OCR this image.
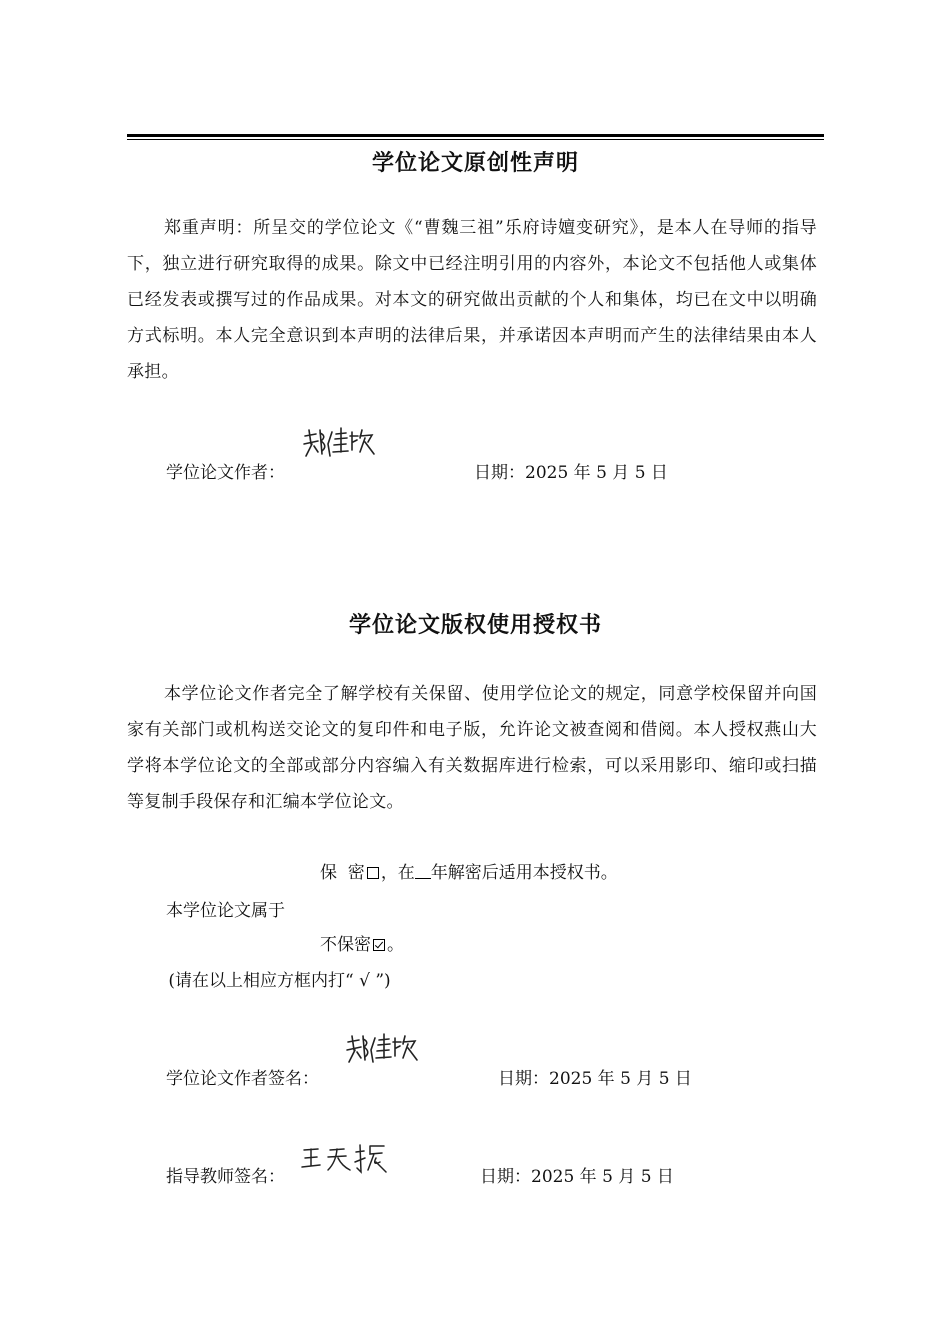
学位论文原创性声明

郑重声明：所呈交的学位论文《“曹魏三祖”乐府诗嬗变研究》，是本人在导师的指导下，独立进行研究取得的成果。除文中已经注明引用的内容外，本论文不包括他人或集体已经发表或撰写过的作品成果。对本文的研究做出贡献的个人和集体，均已在文中以明确方式标明。本人完全意识到本声明的法律后果，并承诺因本声明而产生的法律结果由本人承担。

学位论文作者：	日期：2025 年 5 月 5 日

学位论文版权使用授权书

本学位论文作者完全了解学校有关保留、使用学位论文的规定，同意学校保留并向国家有关部门或机构送交论文的复印件和电子版，允许论文被查阅和借阅。本人授权燕山大学将本学位论文的全部或部分内容编入有关数据库进行检索，可以采用影印、缩印或扫描等复制手段保存和汇编本学位论文。

保  密 ，在 年解密后适用本授权书。

本学位论文属于

不保密 。

(请在以上相应方框内打“ √ ”)

学位论文作者签名：	日期：2025 年 5 月 5 日

指导教师签名：	日期：2025 年 5 月 5 日
